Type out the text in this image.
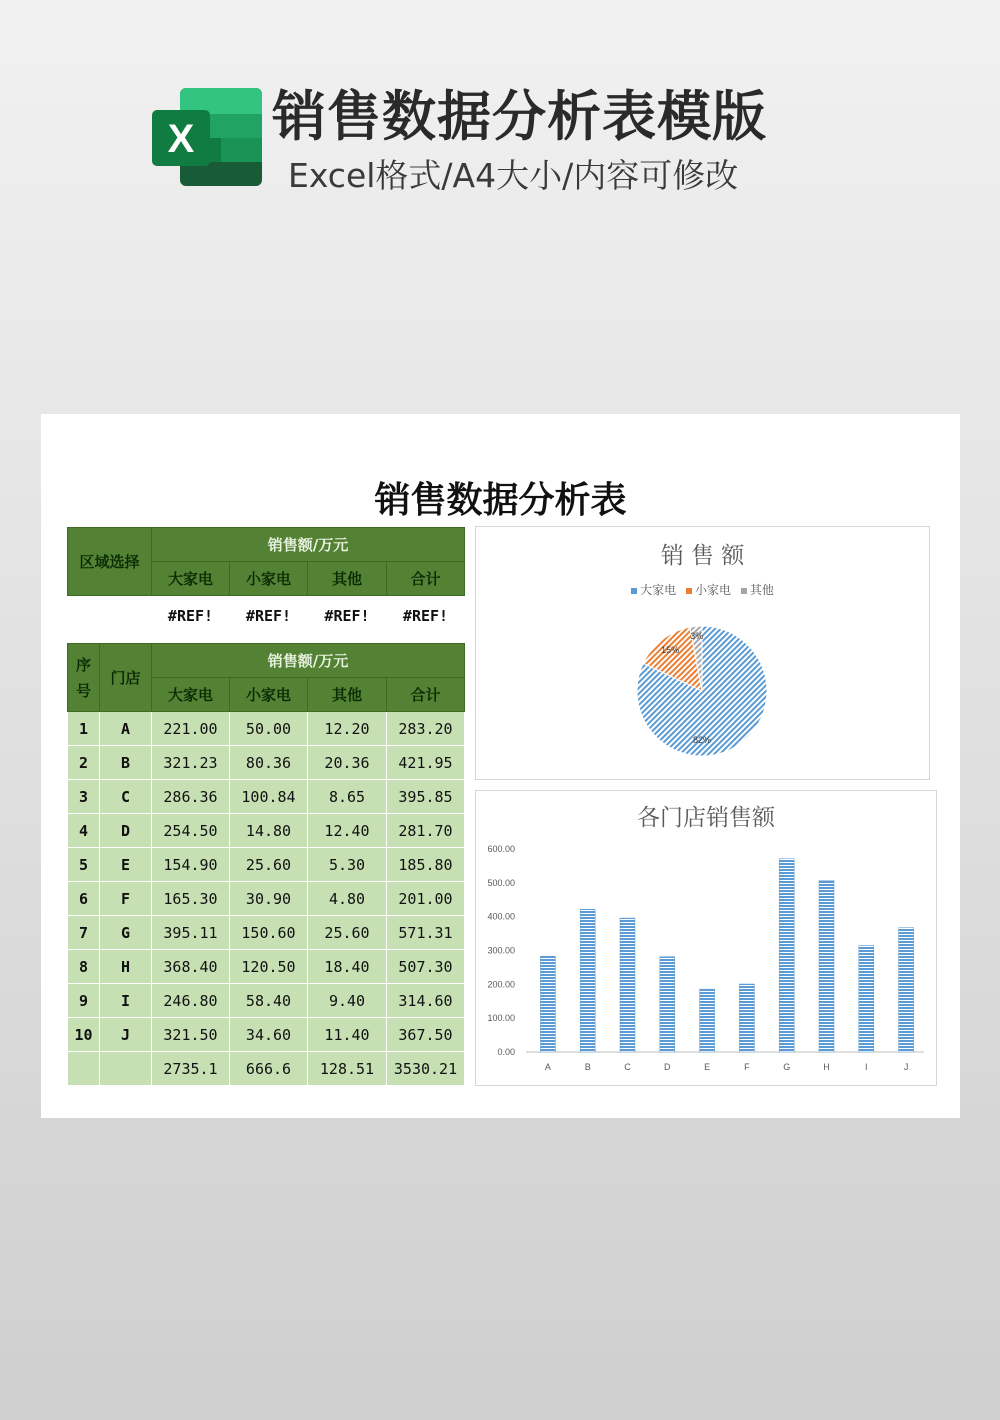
X 销售数据分析表模版
Excel格式/A4大小/内容可修改
销售数据分析表
区域选择	销售额/万元			
	大家电	小家电	其他	合计
	#REF!	#REF!	#REF!	#REF!
序号	门店	销售额/万元			
		大家电	小家电	其他	合计
1	A	221.00	50.00	12.20	283.20
2	B	321.23	80.36	20.36	421.95
3	C	286.36	100.84	8.65	395.85
4	D	254.50	14.80	12.40	281.70
5	E	154.90	25.60	5.30	185.80
6	F	165.30	30.90	4.80	201.00
7	G	395.11	150.60	25.60	571.31
8	H	368.40	120.50	18.40	507.30
9	I	246.80	58.40	9.40	314.60
10	J	321.50	34.60	11.40	367.50
		2735.1	666.6	128.51	3530.21
销 售 额
大家电 小家电 其他
82%
15%
3%
各门店销售额
0.00
100.00
200.00
300.00
400.00
500.00
600.00
A	B	C	D	E	F	G	H	I	J
